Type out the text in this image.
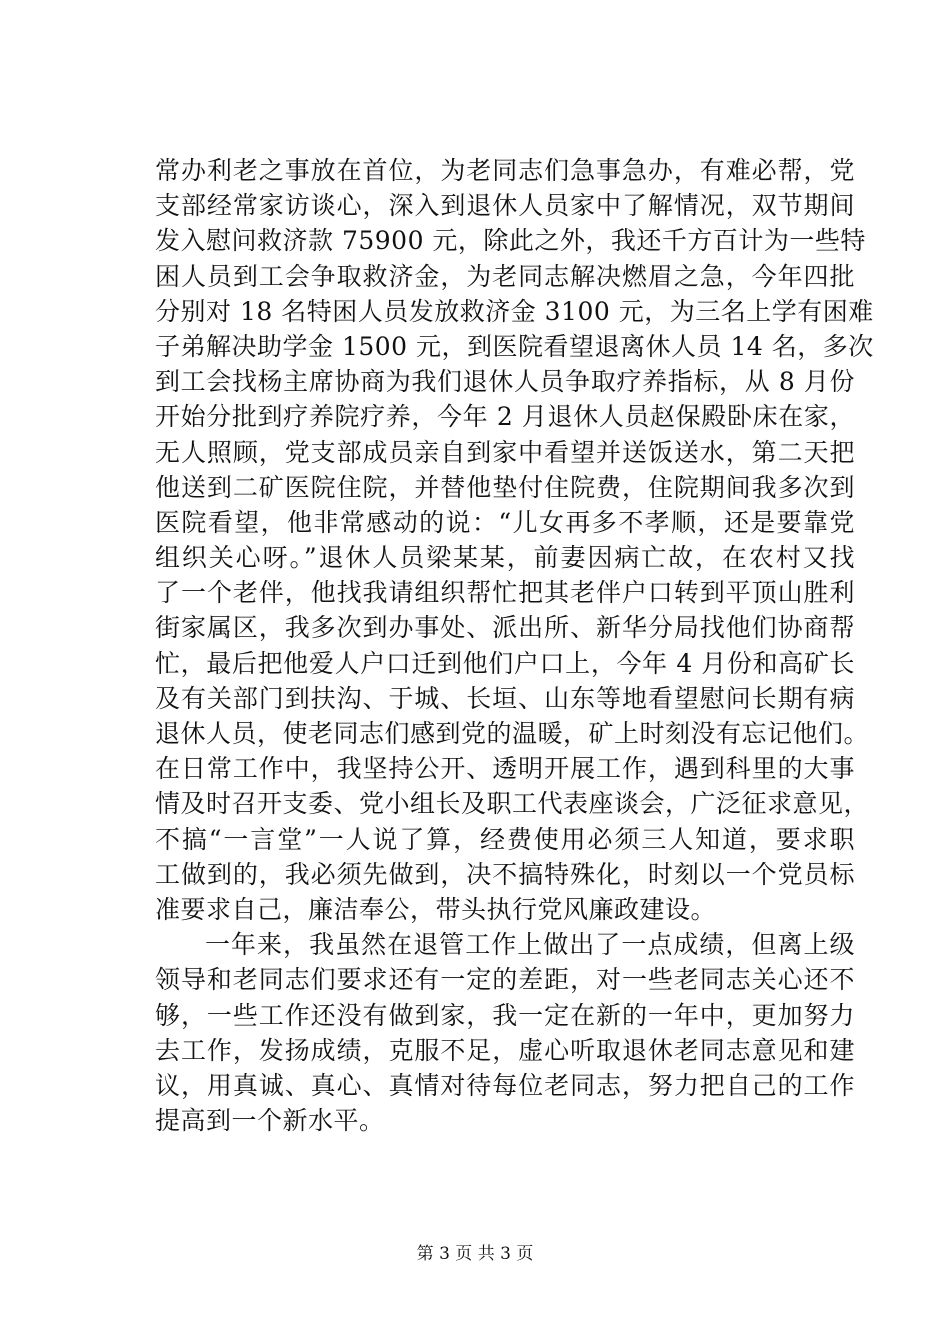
常办利老之事放在首位，为老同志们急事急办，有难必帮，党
支部经常家访谈心，深入到退休人员家中了解情况，双节期间
发入慰问救济款 75900 元，除此之外，我还千方百计为一些特
困人员到工会争取救济金，为老同志解决燃眉之急，今年四批
分别对 18 名特困人员发放救济金 3100 元，为三名上学有困难
子弟解决助学金 1500 元，到医院看望退离休人员 14 名，多次
到工会找杨主席协商为我们退休人员争取疗养指标，从 8 月份
开始分批到疗养院疗养，今年 2 月退休人员赵保殿卧床在家，
无人照顾，党支部成员亲自到家中看望并送饭送水，第二天把
他送到二矿医院住院，并替他垫付住院费，住院期间我多次到
医院看望，他非常感动的说：“儿女再多不孝顺，还是要靠党
组织关心呀。”退休人员梁某某，前妻因病亡故，在农村又找
了一个老伴，他找我请组织帮忙把其老伴户口转到平顶山胜利
街家属区，我多次到办事处、派出所、新华分局找他们协商帮
忙，最后把他爱人户口迁到他们户口上，今年 4 月份和高矿长
及有关部门到扶沟、于城、长垣、山东等地看望慰问长期有病
退休人员，使老同志们感到党的温暖，矿上时刻没有忘记他们。
在日常工作中，我坚持公开、透明开展工作，遇到科里的大事
情及时召开支委、党小组长及职工代表座谈会，广泛征求意见，
不搞“一言堂”一人说了算，经费使用必须三人知道，要求职
工做到的，我必须先做到，决不搞特殊化，时刻以一个党员标
准要求自己，廉洁奉公，带头执行党风廉政建设。
一年来，我虽然在退管工作上做出了一点成绩，但离上级
领导和老同志们要求还有一定的差距，对一些老同志关心还不
够，一些工作还没有做到家，我一定在新的一年中，更加努力
去工作，发扬成绩，克服不足，虚心听取退休老同志意见和建
议，用真诚、真心、真情对待每位老同志，努力把自己的工作
提高到一个新水平。
第 3 页 共 3 页
